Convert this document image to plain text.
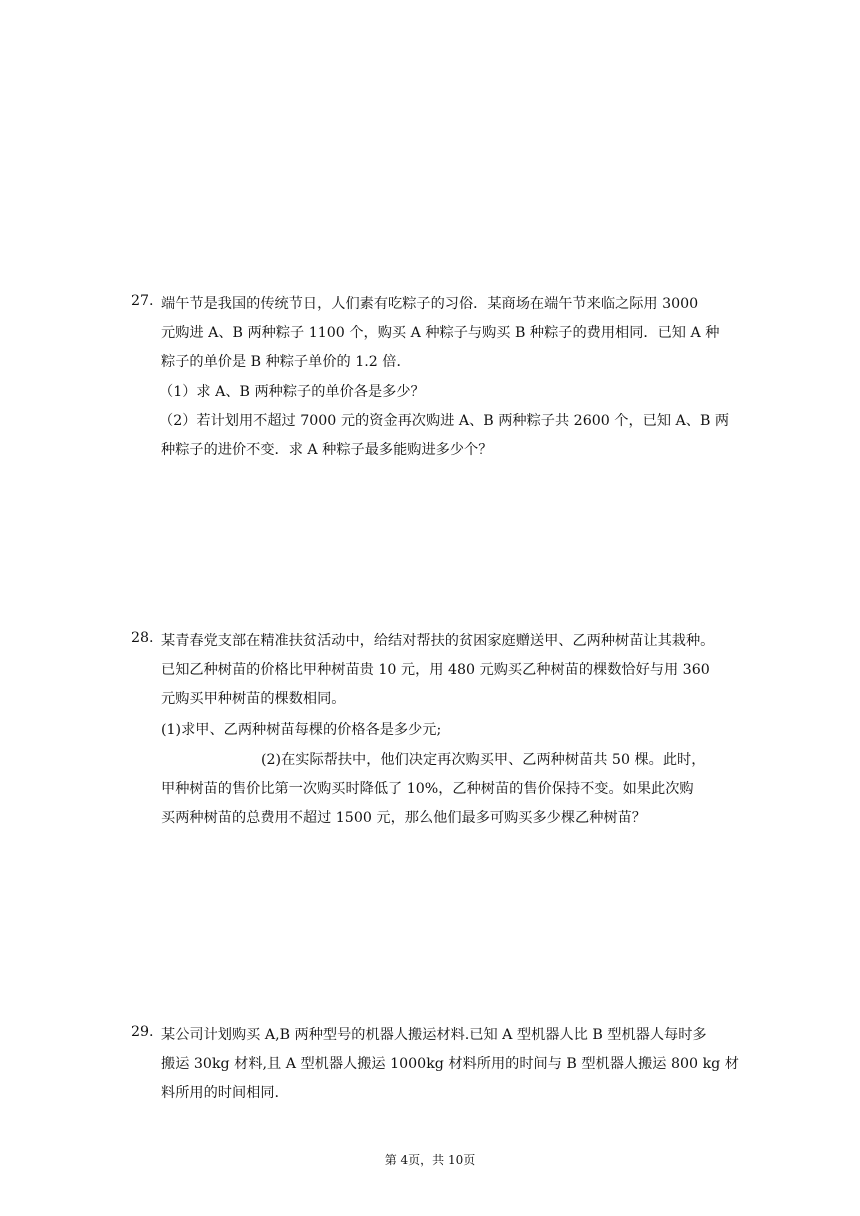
27. 端午节是我国的传统节日，人们素有吃粽子的习俗．某商场在端午节来临之际用 3000
元购进 A、B 两种粽子 1100 个，购买 A 种粽子与购买 B 种粽子的费用相同．已知 A 种
粽子的单价是 B 种粽子单价的 1.2 倍．
（1）求 A、B 两种粽子的单价各是多少？
（2）若计划用不超过 7000 元的资金再次购进 A、B 两种粽子共 2600 个，已知 A、B 两
种粽子的进价不变．求 A 种粽子最多能购进多少个？
28. 某青春党支部在精准扶贫活动中，给结对帮扶的贫困家庭赠送甲、乙两种树苗让其栽种。
已知乙种树苗的价格比甲种树苗贵 10 元，用 480 元购买乙种树苗的棵数恰好与用 360
元购买甲种树苗的棵数相同。
(1)求甲、乙两种树苗每棵的价格各是多少元;
(2)在实际帮扶中，他们决定再次购买甲、乙两种树苗共 50 棵。此时，
甲种树苗的售价比第一次购买时降低了 10%，乙种树苗的售价保持不变。如果此次购
买两种树苗的总费用不超过 1500 元，那么他们最多可购买多少棵乙种树苗？
29. 某公司计划购买 A,B 两种型号的机器人搬运材料.已知 A 型机器人比 B 型机器人每时多
搬运 30kg 材料,且 A 型机器人搬运 1000kg 材料所用的时间与 B 型机器人搬运 800 kg 材
料所用的时间相同.
第 4页，共 10页
